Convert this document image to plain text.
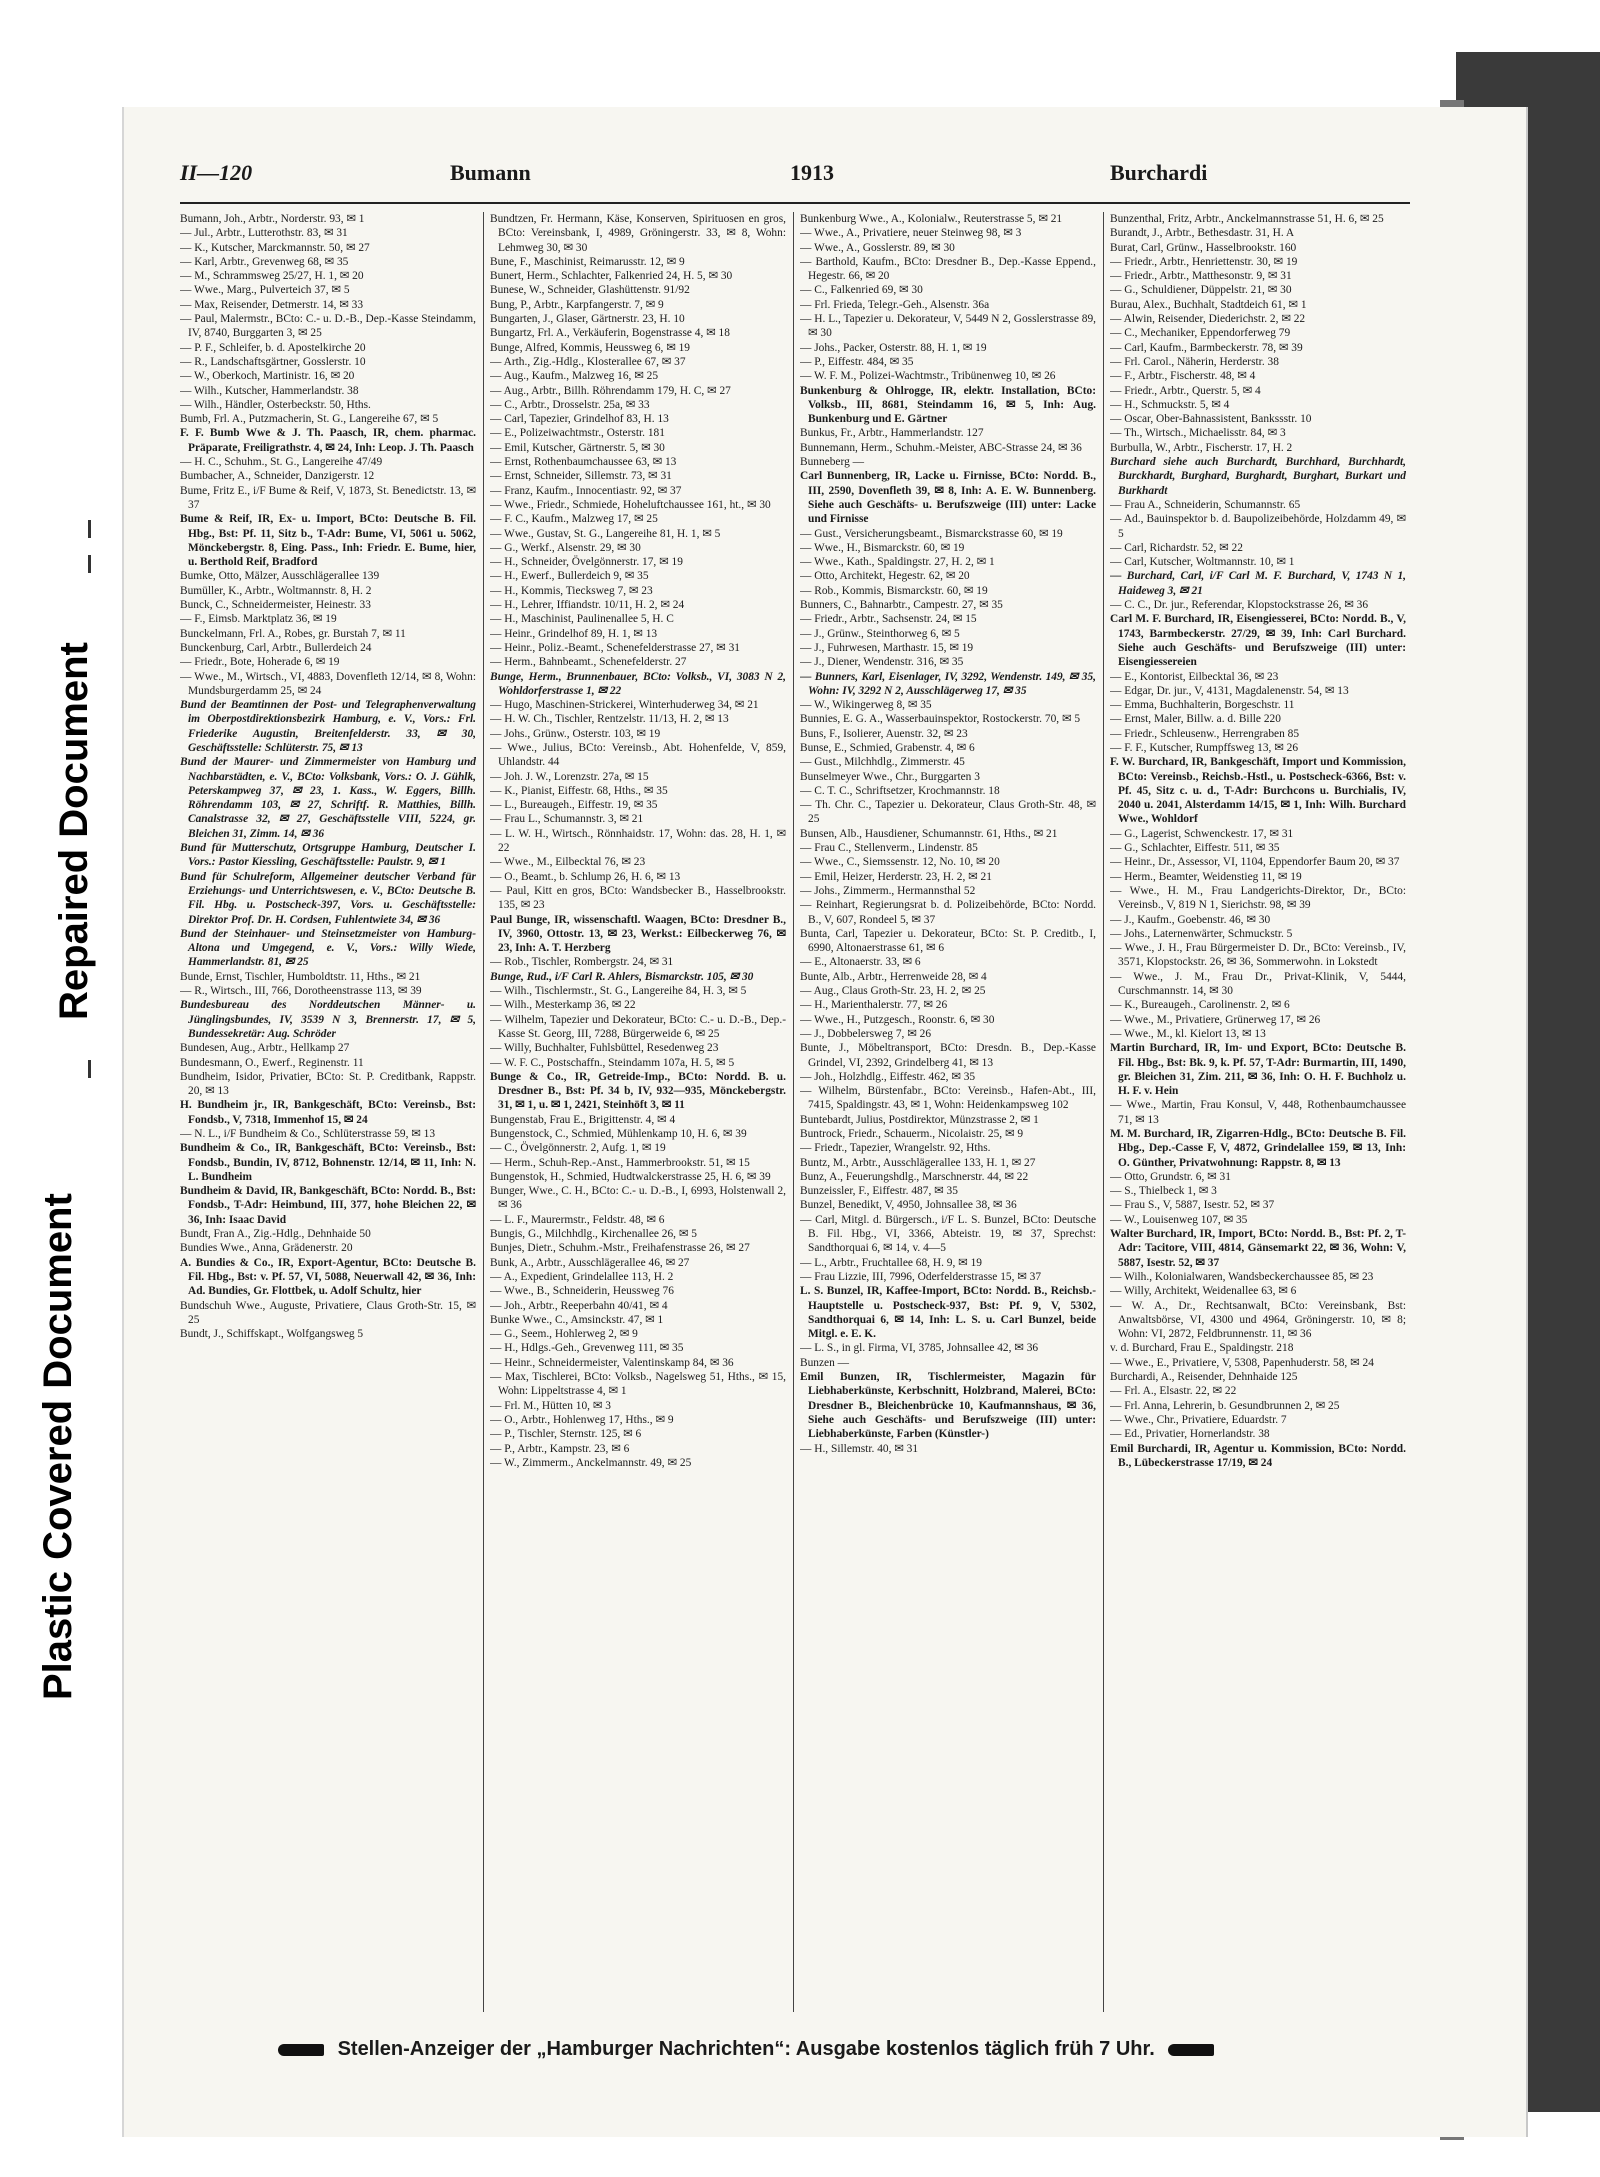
Plastic Covered Document
Repaired Document
II—120	Bumann	1913	Burchardi

Bumann, Joh., Arbtr., Norderstr. 93, ✉ 1

— Jul., Arbtr., Lutterothstr. 83, ✉ 31

— K., Kutscher, Marckmannstr. 50, ✉ 27

— Karl, Arbtr., Grevenweg 68, ✉ 35

— M., Schrammsweg 25/27, H. 1, ✉ 20

— Wwe., Marg., Pulverteich 37, ✉ 5

— Max, Reisender, Detmerstr. 14, ✉ 33

— Paul, Malermstr., BCto: C.- u. D.-B., Dep.-Kasse Steindamm, IV, 8740, Burggarten 3, ✉ 25

— P. F., Schleifer, b. d. Apostelkirche 20

— R., Landschaftsgärtner, Gosslerstr. 10

— W., Oberkoch, Martinistr. 16, ✉ 20

— Wilh., Kutscher, Hammerlandstr. 38

— Wilh., Händler, Osterbeckstr. 50, Hths.

Bumb, Frl. A., Putzmacherin, St. G., Langereihe 67, ✉ 5

F. F. Bumb Wwe & J. Th. Paasch, IR, chem. pharmac. Präparate, Freiligrathstr. 4, ✉ 24, Inh: Leop. J. Th. Paasch

— H. C., Schuhm., St. G., Langereihe 47/49

Bumbacher, A., Schneider, Danzigerstr. 12

Bume, Fritz E., i/F Bume & Reif, V, 1873, St. Benedictstr. 13, ✉ 37

Bume & Reif, IR, Ex- u. Import, BCto: Deutsche B. Fil. Hbg., Bst: Pf. 11, Sitz b., T-Adr: Bume, VI, 5061 u. 5062, Mönckebergstr. 8, Eing. Pass., Inh: Friedr. E. Bume, hier, u. Berthold Reif, Bradford

Bumke, Otto, Mälzer, Ausschlägerallee 139

Bumüller, K., Arbtr., Woltmannstr. 8, H. 2

Bunck, C., Schneidermeister, Heinestr. 33

— F., Eimsb. Marktplatz 36, ✉ 19

Bunckelmann, Frl. A., Robes, gr. Burstah 7, ✉ 11

Bunckenburg, Carl, Arbtr., Bullerdeich 24

— Friedr., Bote, Hoherade 6, ✉ 19

— Wwe., M., Wirtsch., VI, 4883, Dovenfleth 12/14, ✉ 8, Wohn: Mundsburgerdamm 25, ✉ 24

Bund der Beamtinnen der Post- und Telegraphenverwaltung im Oberpostdirektionsbezirk Hamburg, e. V., Vors.: Frl. Friederike Augustin, Breitenfelderstr. 33, ✉ 30, Geschäftsstelle: Schlüterstr. 75, ✉ 13

Bund der Maurer- und Zimmermeister von Hamburg und Nachbarstädten, e. V., BCto: Volksbank, Vors.: O. J. Gühlk, Peterskampweg 37, ✉ 23, 1. Kass., W. Eggers, Billh. Röhrendamm 103, ✉ 27, Schriftf. R. Matthies, Billh. Canalstrasse 32, ✉ 27, Geschäftsstelle VIII, 5224, gr. Bleichen 31, Zimm. 14, ✉ 36

Bund für Mutterschutz, Ortsgruppe Hamburg, Deutscher I. Vors.: Pastor Kiessling, Geschäftsstelle: Paulstr. 9, ✉ 1

Bund für Schulreform, Allgemeiner deutscher Verband für Erziehungs- und Unterrichtswesen, e. V., BCto: Deutsche B. Fil. Hbg. u. Postscheck-397, Vors. u. Geschäftsstelle: Direktor Prof. Dr. H. Cordsen, Fuhlentwiete 34, ✉ 36

Bund der Steinhauer- und Steinsetzmeister von Hamburg-Altona und Umgegend, e. V., Vors.: Willy Wiede, Hammerlandstr. 81, ✉ 25

Bunde, Ernst, Tischler, Humboldtstr. 11, Hths., ✉ 21

— R., Wirtsch., III, 766, Dorotheenstrasse 113, ✉ 39

Bundesbureau des Norddeutschen Männer- u. Jünglingsbundes, IV, 3539 N 3, Brennerstr. 17, ✉ 5, Bundessekretär: Aug. Schröder

Bundesen, Aug., Arbtr., Hellkamp 27

Bundesmann, O., Ewerf., Reginenstr. 11

Bundheim, Isidor, Privatier, BCto: St. P. Creditbank, Rappstr. 20, ✉ 13

H. Bundheim jr., IR, Bankgeschäft, BCto: Vereinsb., Bst: Fondsb., V, 7318, Immenhof 15, ✉ 24

— N. L., i/F Bundheim & Co., Schlüterstrasse 59, ✉ 13

Bundheim & Co., IR, Bankgeschäft, BCto: Vereinsb., Bst: Fondsb., Bundin, IV, 8712, Bohnenstr. 12/14, ✉ 11, Inh: N. L. Bundheim

Bundheim & David, IR, Bankgeschäft, BCto: Nordd. B., Bst: Fondsb., T-Adr: Heimbund, III, 377, hohe Bleichen 22, ✉ 36, Inh: Isaac David

Bundt, Fran A., Zig.-Hdlg., Dehnhaide 50

Bundies Wwe., Anna, Grädenerstr. 20

A. Bundies & Co., IR, Export-Agentur, BCto: Deutsche B. Fil. Hbg., Bst: v. Pf. 57, VI, 5088, Neuerwall 42, ✉ 36, Inh: Ad. Bundies, Gr. Flottbek, u. Adolf Schultz, hier

Bundschuh Wwe., Auguste, Privatiere, Claus Groth-Str. 15, ✉ 25

Bundt, J., Schiffskapt., Wolfgangsweg 5

Bundtzen, Fr. Hermann, Käse, Konserven, Spirituosen en gros, BCto: Vereinsbank, I, 4989, Gröningerstr. 33, ✉ 8, Wohn: Lehmweg 30, ✉ 30

Bune, F., Maschinist, Reimarusstr. 12, ✉ 9

Bunert, Herm., Schlachter, Falkenried 24, H. 5, ✉ 30

Bunese, W., Schneider, Glashüttenstr. 91/92

Bung, P., Arbtr., Karpfangerstr. 7, ✉ 9

Bungarten, J., Glaser, Gärtnerstr. 23, H. 10

Bungartz, Frl. A., Verkäuferin, Bogenstrasse 4, ✉ 18

Bunge, Alfred, Kommis, Heussweg 6, ✉ 19

— Arth., Zig.-Hdlg., Klosterallee 67, ✉ 37

— Aug., Kaufm., Malzweg 16, ✉ 25

— Aug., Arbtr., Billh. Röhrendamm 179, H. C, ✉ 27

— C., Arbtr., Drosselstr. 25a, ✉ 33

— Carl, Tapezier, Grindelhof 83, H. 13

— E., Polizeiwachtmstr., Osterstr. 181

— Emil, Kutscher, Gärtnerstr. 5, ✉ 30

— Ernst, Rothenbaumchaussee 63, ✉ 13

— Ernst, Schneider, Sillemstr. 73, ✉ 31

— Franz, Kaufm., Innocentiastr. 92, ✉ 37

— Wwe., Friedr., Schmiede, Hoheluftchaussee 161, ht., ✉ 30

— F. C., Kaufm., Malzweg 17, ✉ 25

— Wwe., Gustav, St. G., Langereihe 81, H. 1, ✉ 5

— G., Werkf., Alsenstr. 29, ✉ 30

— H., Schneider, Övelgönnerstr. 17, ✉ 19

— H., Ewerf., Bullerdeich 9, ✉ 35

— H., Kommis, Tiecksweg 7, ✉ 23

— H., Lehrer, Iffiandstr. 10/11, H. 2, ✉ 24

— H., Maschinist, Paulinenallee 5, H. C

— Heinr., Grindelhof 89, H. 1, ✉ 13

— Heinr., Poliz.-Beamt., Schenefelderstrasse 27, ✉ 31

— Herm., Bahnbeamt., Schenefelderstr. 27

Bunge, Herm., Brunnenbauer, BCto: Volksb., VI, 3083 N 2, Wohldorferstrasse 1, ✉ 22

— Hugo, Maschinen-Strickerei, Winterhuderweg 34, ✉ 21

— H. W. Ch., Tischler, Rentzelstr. 11/13, H. 2, ✉ 13

— Johs., Grünw., Osterstr. 103, ✉ 19

— Wwe., Julius, BCto: Vereinsb., Abt. Hohenfelde, V, 859, Uhlandstr. 44

— Joh. J. W., Lorenzstr. 27a, ✉ 15

— K., Pianist, Eiffestr. 68, Hths., ✉ 35

— L., Bureaugeh., Eiffestr. 19, ✉ 35

— Frau L., Schumannstr. 3, ✉ 21

— L. W. H., Wirtsch., Rönnhaidstr. 17, Wohn: das. 28, H. 1, ✉ 22

— Wwe., M., Eilbecktal 76, ✉ 23

— O., Beamt., b. Schlump 26, H. 6, ✉ 13

— Paul, Kitt en gros, BCto: Wandsbecker B., Hasselbrookstr. 135, ✉ 23

Paul Bunge, IR, wissenschaftl. Waagen, BCto: Dresdner B., IV, 3960, Ottostr. 13, ✉ 23, Werkst.: Eilbeckerweg 76, ✉ 23, Inh: A. T. Herzberg

— Rob., Tischler, Rombergstr. 24, ✉ 31

Bunge, Rud., i/F Carl R. Ahlers, Bismarckstr. 105, ✉ 30

— Wilh., Tischlermstr., St. G., Langereihe 84, H. 3, ✉ 5

— Wilh., Mesterkamp 36, ✉ 22

— Wilhelm, Tapezier und Dekorateur, BCto: C.- u. D.-B., Dep.-Kasse St. Georg, III, 7288, Bürgerweide 6, ✉ 25

— Willy, Buchhalter, Fuhlsbüttel, Resedenweg 23

— W. F. C., Postschaffn., Steindamm 107a, H. 5, ✉ 5

Bunge & Co., IR, Getreide-Imp., BCto: Nordd. B. u. Dresdner B., Bst: Pf. 34 b, IV, 932—935, Mönckebergstr. 31, ✉ 1, u. ✉ 1, 2421, Steinhöft 3, ✉ 11

Bungenstab, Frau E., Brigittenstr. 4, ✉ 4

Bungenstock, C., Schmied, Mühlenkamp 10, H. 6, ✉ 39

— C., Övelgönnerstr. 2, Aufg. 1, ✉ 19

— Herm., Schuh-Rep.-Anst., Hammerbrookstr. 51, ✉ 15

Bungenstok, H., Schmied, Hudtwalckerstrasse 25, H. 6, ✉ 39

Bunger, Wwe., C. H., BCto: C.- u. D.-B., I, 6993, Holstenwall 2, ✉ 36

— L. F., Maurermstr., Feldstr. 48, ✉ 6

Bungis, G., Milchhdlg., Kirchenallee 26, ✉ 5

Bunjes, Dietr., Schuhm.-Mstr., Freihafenstrasse 26, ✉ 27

Bunk, A., Arbtr., Ausschlägerallee 46, ✉ 27

— A., Expedient, Grindelallee 113, H. 2

— Wwe., B., Schneiderin, Heussweg 76

— Joh., Arbtr., Reeperbahn 40/41, ✉ 4

Bunke Wwe., C., Amsinckstr. 47, ✉ 1

— G., Seem., Hohlerweg 2, ✉ 9

— H., Hdlgs.-Geh., Grevenweg 111, ✉ 35

— Heinr., Schneidermeister, Valentinskamp 84, ✉ 36

— Max, Tischlerei, BCto: Volksb., Nagelsweg 51, Hths., ✉ 15, Wohn: Lippeltstrasse 4, ✉ 1

— Frl. M., Hütten 10, ✉ 3

— O., Arbtr., Hohlenweg 17, Hths., ✉ 9

— P., Tischler, Sternstr. 125, ✉ 6

— P., Arbtr., Kampstr. 23, ✉ 6

— W., Zimmerm., Anckelmannstr. 49, ✉ 25

Bunkenburg Wwe., A., Kolonialw., Reuterstrasse 5, ✉ 21

— Wwe., A., Privatiere, neuer Steinweg 98, ✉ 3

— Wwe., A., Gosslerstr. 89, ✉ 30

— Barthold, Kaufm., BCto: Dresdner B., Dep.-Kasse Eppend., Hegestr. 66, ✉ 20

— C., Falkenried 69, ✉ 30

— Frl. Frieda, Telegr.-Geh., Alsenstr. 36a

— H. L., Tapezier u. Dekorateur, V, 5449 N 2, Gosslerstrasse 89, ✉ 30

— Johs., Packer, Osterstr. 88, H. 1, ✉ 19

— P., Eiffestr. 484, ✉ 35

— W. F. M., Polizei-Wachtmstr., Tribünenweg 10, ✉ 26

Bunkenburg & Ohlrogge, IR, elektr. Installation, BCto: Volksb., III, 8681, Steindamm 16, ✉ 5, Inh: Aug. Bunkenburg und E. Gärtner

Bunkus, Fr., Arbtr., Hammerlandstr. 127

Bunnemann, Herm., Schuhm.-Meister, ABC-Strasse 24, ✉ 36

Bunneberg —

Carl Bunnenberg, IR, Lacke u. Firnisse, BCto: Nordd. B., III, 2590, Dovenfleth 39, ✉ 8, Inh: A. E. W. Bunnenberg. Siehe auch Geschäfts- u. Berufszweige (III) unter: Lacke und Firnisse

— Gust., Versicherungsbeamt., Bismarckstrasse 60, ✉ 19

— Wwe., H., Bismarckstr. 60, ✉ 19

— Wwe., Kath., Spaldingstr. 27, H. 2, ✉ 1

— Otto, Architekt, Hegestr. 62, ✉ 20

— Rob., Kommis, Bismarckstr. 60, ✉ 19

Bunners, C., Bahnarbtr., Campestr. 27, ✉ 35

— Friedr., Arbtr., Sachsenstr. 24, ✉ 15

— J., Grünw., Steinthorweg 6, ✉ 5

— J., Fuhrwesen, Marthastr. 15, ✉ 19

— J., Diener, Wendenstr. 316, ✉ 35

— Bunners, Karl, Eisenlager, IV, 3292, Wendenstr. 149, ✉ 35, Wohn: IV, 3292 N 2, Ausschlägerweg 17, ✉ 35

— W., Wikingerweg 8, ✉ 35

Bunnies, E. G. A., Wasserbauinspektor, Rostockerstr. 70, ✉ 5

Buns, F., Isolierer, Auenstr. 32, ✉ 23

Bunse, E., Schmied, Grabenstr. 4, ✉ 6

— Gust., Milchhdlg., Zimmerstr. 45

Bunselmeyer Wwe., Chr., Burggarten 3

— C. T. C., Schriftsetzer, Krochmannstr. 18

— Th. Chr. C., Tapezier u. Dekorateur, Claus Groth-Str. 48, ✉ 25

Bunsen, Alb., Hausdiener, Schumannstr. 61, Hths., ✉ 21

— Frau C., Stellenverm., Lindenstr. 85

— Wwe., C., Siemssenstr. 12, No. 10, ✉ 20

— Emil, Heizer, Herderstr. 23, H. 2, ✉ 21

— Johs., Zimmerm., Hermannsthal 52

— Reinhart, Regierungsrat b. d. Polizeibehörde, BCto: Nordd. B., V, 607, Rondeel 5, ✉ 37

Bunta, Carl, Tapezier u. Dekorateur, BCto: St. P. Creditb., I, 6990, Altonaerstrasse 61, ✉ 6

— E., Altonaerstr. 33, ✉ 6

Bunte, Alb., Arbtr., Herrenweide 28, ✉ 4

— Aug., Claus Groth-Str. 23, H. 2, ✉ 25

— H., Marienthalerstr. 77, ✉ 26

— Wwe., H., Putzgesch., Roonstr. 6, ✉ 30

— J., Dobbelersweg 7, ✉ 26

Bunte, J., Möbeltransport, BCto: Dresdn. B., Dep.-Kasse Grindel, VI, 2392, Grindelberg 41, ✉ 13

— Joh., Holzhdlg., Eiffestr. 462, ✉ 35

— Wilhelm, Bürstenfabr., BCto: Vereinsb., Hafen-Abt., III, 7415, Spaldingstr. 43, ✉ 1, Wohn: Heidenkampsweg 102

Buntebardt, Julius, Postdirektor, Münzstrasse 2, ✉ 1

Buntrock, Friedr., Schauerm., Nicolaistr. 25, ✉ 9

— Friedr., Tapezier, Wrangelstr. 92, Hths.

Buntz, M., Arbtr., Ausschlägerallee 133, H. 1, ✉ 27

Bunz, A., Feuerungshdlg., Marschnerstr. 44, ✉ 22

Bunzeissler, F., Eiffestr. 487, ✉ 35

Bunzel, Benedikt, V, 4950, Johnsallee 38, ✉ 36

— Carl, Mitgl. d. Bürgersch., i/F L. S. Bunzel, BCto: Deutsche B. Fil. Hbg., VI, 3366, Abteistr. 19, ✉ 37, Sprechst: Sandthorquai 6, ✉ 14, v. 4—5

— L., Arbtr., Fruchtallee 68, H. 9, ✉ 19

— Frau Lizzie, III, 7996, Oderfelderstrasse 15, ✉ 37

L. S. Bunzel, IR, Kaffee-Import, BCto: Nordd. B., Reichsb.-Hauptstelle u. Postscheck-937, Bst: Pf. 9, V, 5302, Sandthorquai 6, ✉ 14, Inh: L. S. u. Carl Bunzel, beide Mitgl. e. E. K.

— L. S., in gl. Firma, VI, 3785, Johnsallee 42, ✉ 36

Bunzen —

Emil Bunzen, IR, Tischlermeister, Magazin für Liebhaberkünste, Kerbschnitt, Holzbrand, Malerei, BCto: Dresdner B., Bleichenbrücke 10, Kaufmannshaus, ✉ 36, Siehe auch Geschäfts- und Berufszweige (III) unter: Liebhaberkünste, Farben (Künstler-)

— H., Sillemstr. 40, ✉ 31

Bunzenthal, Fritz, Arbtr., Anckelmannstrasse 51, H. 6, ✉ 25

Burandt, J., Arbtr., Bethesdastr. 31, H. A

Burat, Carl, Grünw., Hasselbrookstr. 160

— Friedr., Arbtr., Henriettenstr. 30, ✉ 19

— Friedr., Arbtr., Matthesonstr. 9, ✉ 31

— G., Schuldiener, Düppelstr. 21, ✉ 30

Burau, Alex., Buchhalt, Stadtdeich 61, ✉ 1

— Alwin, Reisender, Diederichstr. 2, ✉ 22

— C., Mechaniker, Eppendorferweg 79

— Carl, Kaufm., Barmbeckerstr. 78, ✉ 39

— Frl. Carol., Näherin, Herderstr. 38

— F., Arbtr., Fischerstr. 48, ✉ 4

— Friedr., Arbtr., Querstr. 5, ✉ 4

— H., Schmuckstr. 5, ✉ 4

— Oscar, Ober-Bahnassistent, Bankssstr. 10

— Th., Wirtsch., Michaelisstr. 84, ✉ 3

Burbulla, W., Arbtr., Fischerstr. 17, H. 2

Burchard siehe auch Burchardt, Burchhard, Burchhardt, Burckhardt, Burghard, Burghardt, Burghart, Burkart und Burkhardt

— Frau A., Schneiderin, Schumannstr. 65

— Ad., Bauinspektor b. d. Baupolizeibehörde, Holzdamm 49, ✉ 5

— Carl, Richardstr. 52, ✉ 22

— Carl, Kutscher, Woltmannstr. 10, ✉ 1

— Burchard, Carl, i/F Carl M. F. Burchard, V, 1743 N 1, Haideweg 3, ✉ 21

— C. C., Dr. jur., Referendar, Klopstockstrasse 26, ✉ 36

Carl M. F. Burchard, IR, Eisengiesserei, BCto: Nordd. B., V, 1743, Barmbeckerstr. 27/29, ✉ 39, Inh: Carl Burchard. Siehe auch Geschäfts- und Berufszweige (III) unter: Eisengiessereien

— E., Kontorist, Eilbecktal 36, ✉ 23

— Edgar, Dr. jur., V, 4131, Magdalenenstr. 54, ✉ 13

— Emma, Buchhalterin, Borgeschstr. 11

— Ernst, Maler, Billw. a. d. Bille 220

— Friedr., Schleusenw., Herrengraben 85

— F. F., Kutscher, Rumpffsweg 13, ✉ 26

F. W. Burchard, IR, Bankgeschäft, Import und Kommission, BCto: Vereinsb., Reichsb.-Hstl., u. Postscheck-6366, Bst: v. Pf. 45, Sitz c. u. d., T-Adr: Burchcons u. Burchialis, IV, 2040 u. 2041, Alsterdamm 14/15, ✉ 1, Inh: Wilh. Burchard Wwe., Wohldorf

— G., Lagerist, Schwenckestr. 17, ✉ 31

— G., Schlachter, Eiffestr. 511, ✉ 35

— Heinr., Dr., Assessor, VI, 1104, Eppendorfer Baum 20, ✉ 37

— Herm., Beamter, Weidenstieg 11, ✉ 19

— Wwe., H. M., Frau Landgerichts-Direktor, Dr., BCto: Vereinsb., V, 819 N 1, Sierichstr. 98, ✉ 39

— J., Kaufm., Goebenstr. 46, ✉ 30

— Johs., Laternenwärter, Schmuckstr. 5

— Wwe., J. H., Frau Bürgermeister D. Dr., BCto: Vereinsb., IV, 3571, Klopstockstr. 26, ✉ 36, Sommerwohn. in Lokstedt

— Wwe., J. M., Frau Dr., Privat-Klinik, V, 5444, Curschmannstr. 14, ✉ 30

— K., Bureaugeh., Carolinenstr. 2, ✉ 6

— Wwe., M., Privatiere, Grünerweg 17, ✉ 26

— Wwe., M., kl. Kielort 13, ✉ 13

Martin Burchard, IR, Im- und Export, BCto: Deutsche B. Fil. Hbg., Bst: Bk. 9, k. Pf. 57, T-Adr: Burmartin, III, 1490, gr. Bleichen 31, Zim. 211, ✉ 36, Inh: O. H. F. Buchholz u. H. F. v. Hein

— Wwe., Martin, Frau Konsul, V, 448, Rothenbaumchaussee 71, ✉ 13

M. M. Burchard, IR, Zigarren-Hdlg., BCto: Deutsche B. Fil. Hbg., Dep.-Casse F, V, 4872, Grindelallee 159, ✉ 13, Inh: O. Günther, Privatwohnung: Rappstr. 8, ✉ 13

— Otto, Grundstr. 6, ✉ 31

— S., Thielbeck 1, ✉ 3

— Frau S., V, 5887, Isestr. 52, ✉ 37

— W., Louisenweg 107, ✉ 35

Walter Burchard, IR, Import, BCto: Nordd. B., Bst: Pf. 2, T-Adr: Tacitore, VIII, 4814, Gänsemarkt 22, ✉ 36, Wohn: V, 5887, Isestr. 52, ✉ 37

— Wilh., Kolonialwaren, Wandsbeckerchaussee 85, ✉ 23

— Willy, Architekt, Weidenallee 63, ✉ 6

— W. A., Dr., Rechtsanwalt, BCto: Vereinsbank, Bst: Anwaltsbörse, VI, 4300 und 4964, Gröningerstr. 10, ✉ 8; Wohn: VI, 2872, Feldbrunnenstr. 11, ✉ 36

v. d. Burchard, Frau E., Spaldingstr. 218

— Wwe., E., Privatiere, V, 5308, Papenhuderstr. 58, ✉ 24

Burchardi, A., Reisender, Dehnhaide 125

— Frl. A., Elsastr. 22, ✉ 22

— Frl. Anna, Lehrerin, b. Gesundbrunnen 2, ✉ 25

— Wwe., Chr., Privatiere, Eduardstr. 7

— Ed., Privatier, Hornerlandstr. 38

Emil Burchardi, IR, Agentur u. Kommission, BCto: Nordd. B., Lübeckerstrasse 17/19, ✉ 24

Stellen-Anzeiger der „Hamburger Nachrichten“: Ausgabe kostenlos täglich früh 7 Uhr.
